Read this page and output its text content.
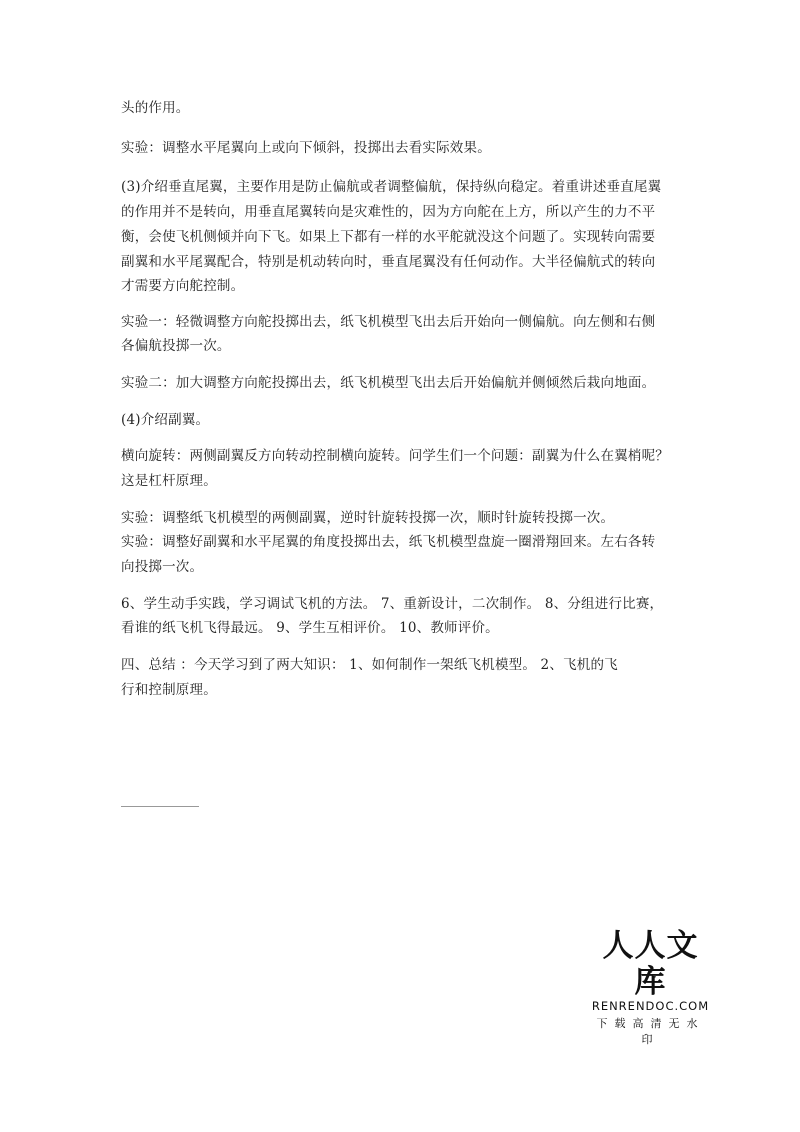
头的作用。
实验：调整水平尾翼向上或向下倾斜，投掷出去看实际效果。
(3)介绍垂直尾翼，主要作用是防止偏航或者调整偏航，保持纵向稳定。着重讲述垂直尾翼
的作用并不是转向，用垂直尾翼转向是灾难性的，因为方向舵在上方，所以产生的力不平
衡，会使飞机侧倾并向下飞。如果上下都有一样的水平舵就没这个问题了。实现转向需要
副翼和水平尾翼配合，特别是机动转向时，垂直尾翼没有任何动作。大半径偏航式的转向
才需要方向舵控制。
实验一：轻微调整方向舵投掷出去，纸飞机模型飞出去后开始向一侧偏航。向左侧和右侧
各偏航投掷一次。
实验二：加大调整方向舵投掷出去，纸飞机模型飞出去后开始偏航并侧倾然后栽向地面。
(4)介绍副翼。
横向旋转：两侧副翼反方向转动控制横向旋转。问学生们一个问题：副翼为什么在翼梢呢？
这是杠杆原理。
实验：调整纸飞机模型的两侧副翼，逆时针旋转投掷一次，顺时针旋转投掷一次。
实验：调整好副翼和水平尾翼的角度投掷出去，纸飞机模型盘旋一圈滑翔回来。左右各转
向投掷一次。
6、学生动手实践，学习调试飞机的方法。 7、重新设计，二次制作。 8、分组进行比赛，
看谁的纸飞机飞得最远。 9、学生互相评价。 10、教师评价。
四、总结 ：今天学习到了两大知识： 1、如何制作一架纸飞机模型。 2、飞机的飞
行和控制原理。
人人文库
RENRENDOC.COM
下载高清无水印
